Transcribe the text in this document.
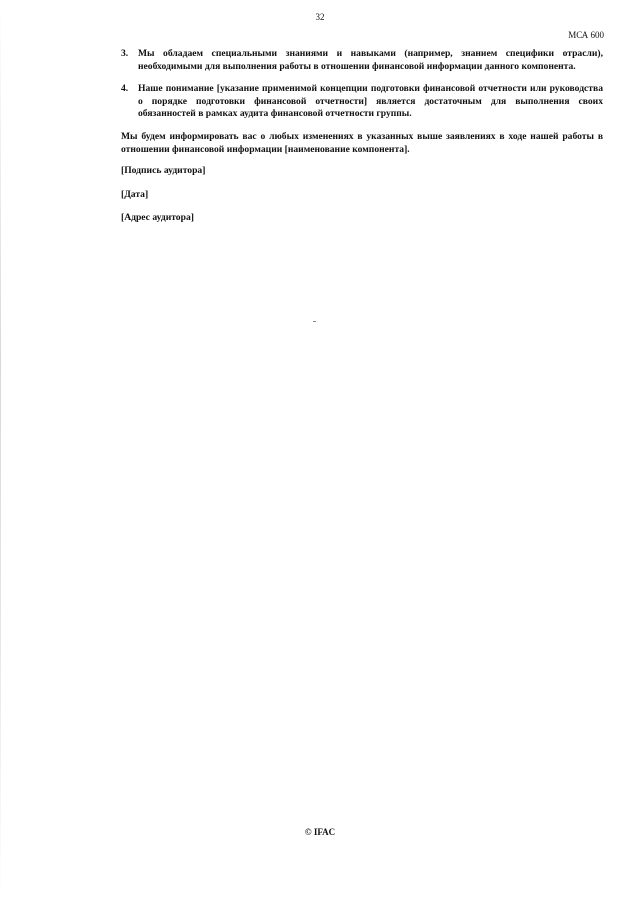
32
МСА 600
3.	Мы обладаем специальными знаниями и навыками (например, знанием специфики отрасли), необходимыми для выполнения работы в отношении финансовой информации данного компонента.
4.	Наше понимание [указание применимой концепции подготовки финансовой отчетности или руководства о порядке подготовки финансовой отчетности] является достаточным для выполнения своих обязанностей в рамках аудита финансовой отчетности группы.

Мы будем информировать вас о любых изменениях в указанных выше заявлениях в ходе нашей работы в отношении финансовой информации [наименование компонента].

[Подпись аудитора]
[Дата]
[Адрес аудитора]
© IFAC
